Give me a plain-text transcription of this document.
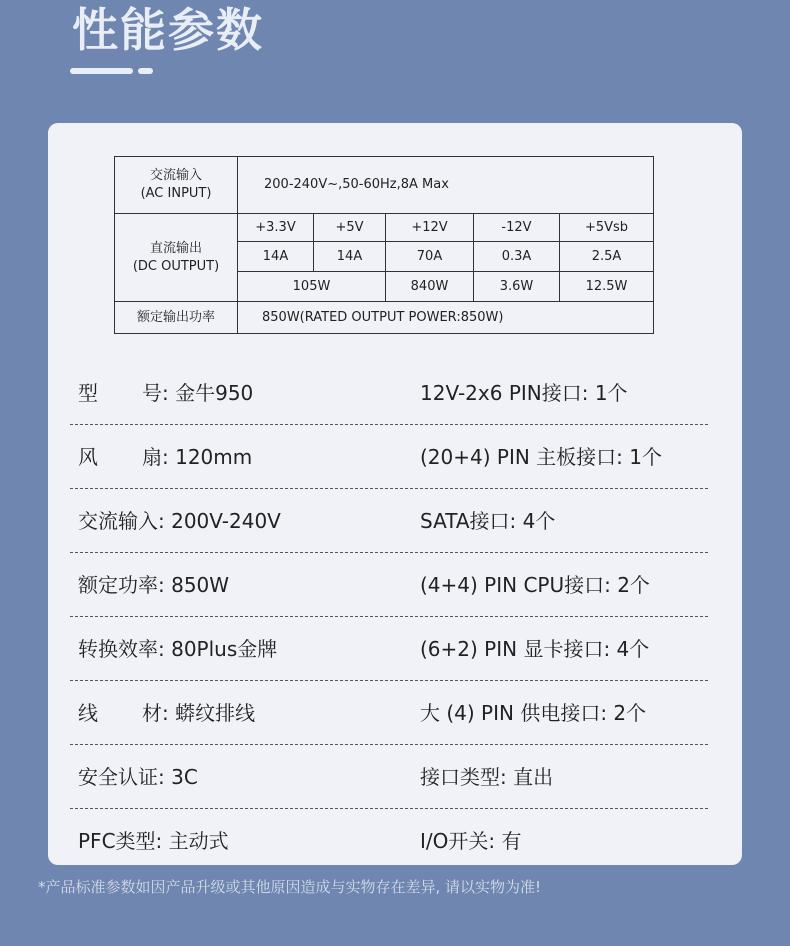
性能参数
交流输入
(AC INPUT)	200-240V~,50-60Hz,8A Max				

直流输出
(DC OUTPUT)	+3.3V	+5V	+12V	-12V	+5Vsb
	14A	14A	70A	0.3A	2.5A
	105W		840W	3.6W	12.5W
额定输出功率	850W(RATED OUTPUT POWER:850W)				
型 号: 金牛950	12V-2x6 PIN接口: 1个
风 扇: 120mm	(20+4) PIN 主板接口: 1个
交流输入: 200V-240V	SATA接口: 4个
额定功率: 850W	(4+4) PIN CPU接口: 2个
转换效率: 80Plus金牌	(6+2) PIN 显卡接口: 4个
线 材: 蟒纹排线	大 (4) PIN 供电接口: 2个
安全认证: 3C	接口类型: 直出
PFC类型: 主动式	I/O开关: 有

*产品标准参数如因产品升级或其他原因造成与实物存在差异, 请以实物为准!
